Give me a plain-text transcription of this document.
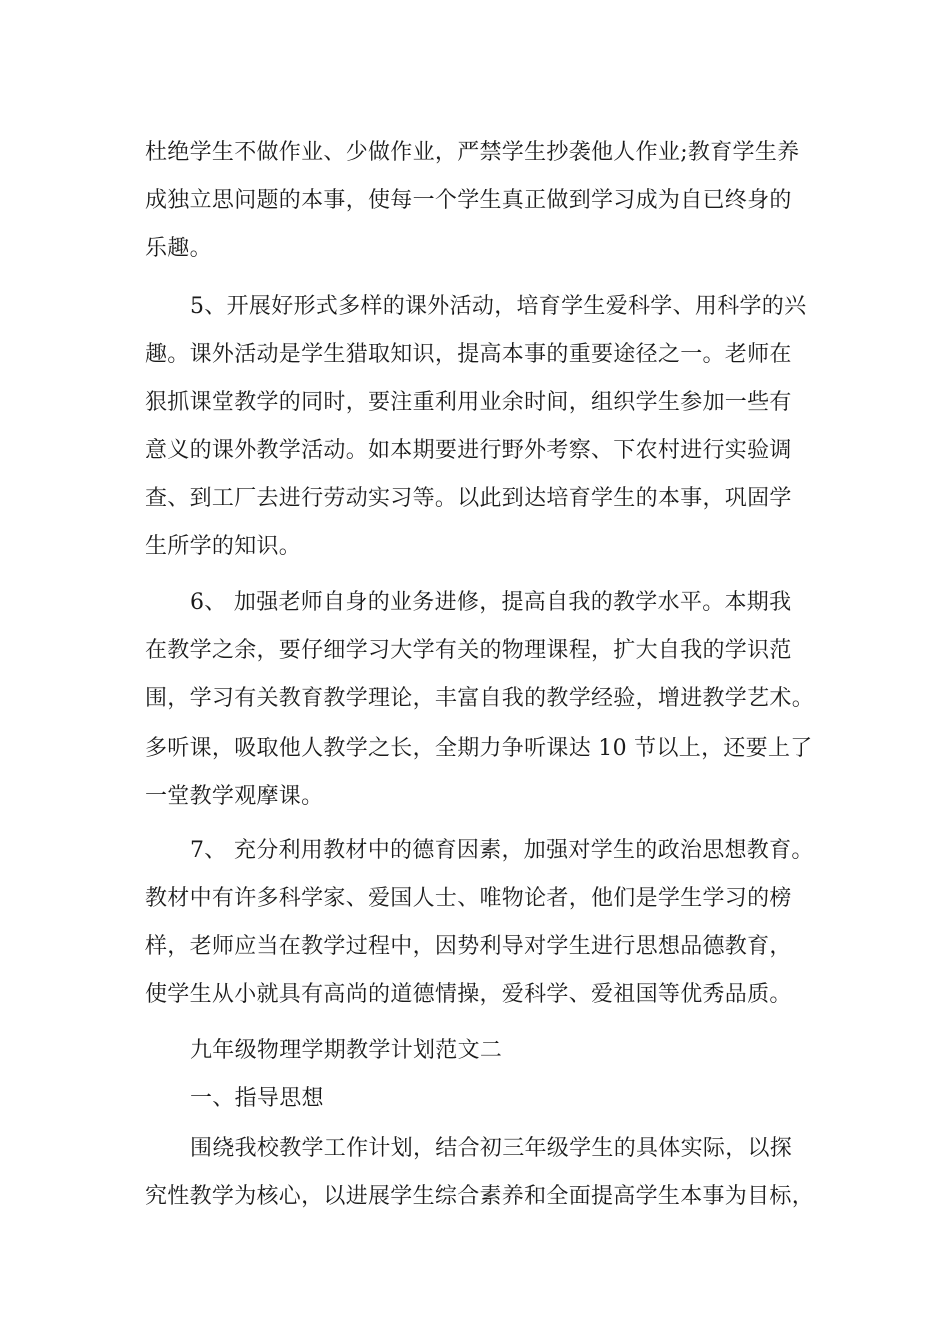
杜绝学生不做作业、少做作业，严禁学生抄袭他人作业;教育学生养
成独立思问题的本事，使每一个学生真正做到学习成为自已终身的
乐趣。
5、开展好形式多样的课外活动，培育学生爱科学、用科学的兴
趣。课外活动是学生猎取知识，提高本事的重要途径之一。老师在
狠抓课堂教学的同时，要注重利用业余时间，组织学生参加一些有
意义的课外教学活动。如本期要进行野外考察、下农村进行实验调
查、到工厂去进行劳动实习等。以此到达培育学生的本事，巩固学
生所学的知识。
6、 加强老师自身的业务进修，提高自我的教学水平。本期我
在教学之余，要仔细学习大学有关的物理课程，扩大自我的学识范
围，学习有关教育教学理论，丰富自我的教学经验，增进教学艺术。
多听课，吸取他人教学之长，全期力争听课达 10 节以上，还要上了
一堂教学观摩课。
7、 充分利用教材中的德育因素，加强对学生的政治思想教育。
教材中有许多科学家、爱国人士、唯物论者，他们是学生学习的榜
样，老师应当在教学过程中，因势利导对学生进行思想品德教育，
使学生从小就具有高尚的道德情操，爱科学、爱祖国等优秀品质。
九年级物理学期教学计划范文二
一、指导思想
围绕我校教学工作计划，结合初三年级学生的具体实际，以探
究性教学为核心，以进展学生综合素养和全面提高学生本事为目标，
